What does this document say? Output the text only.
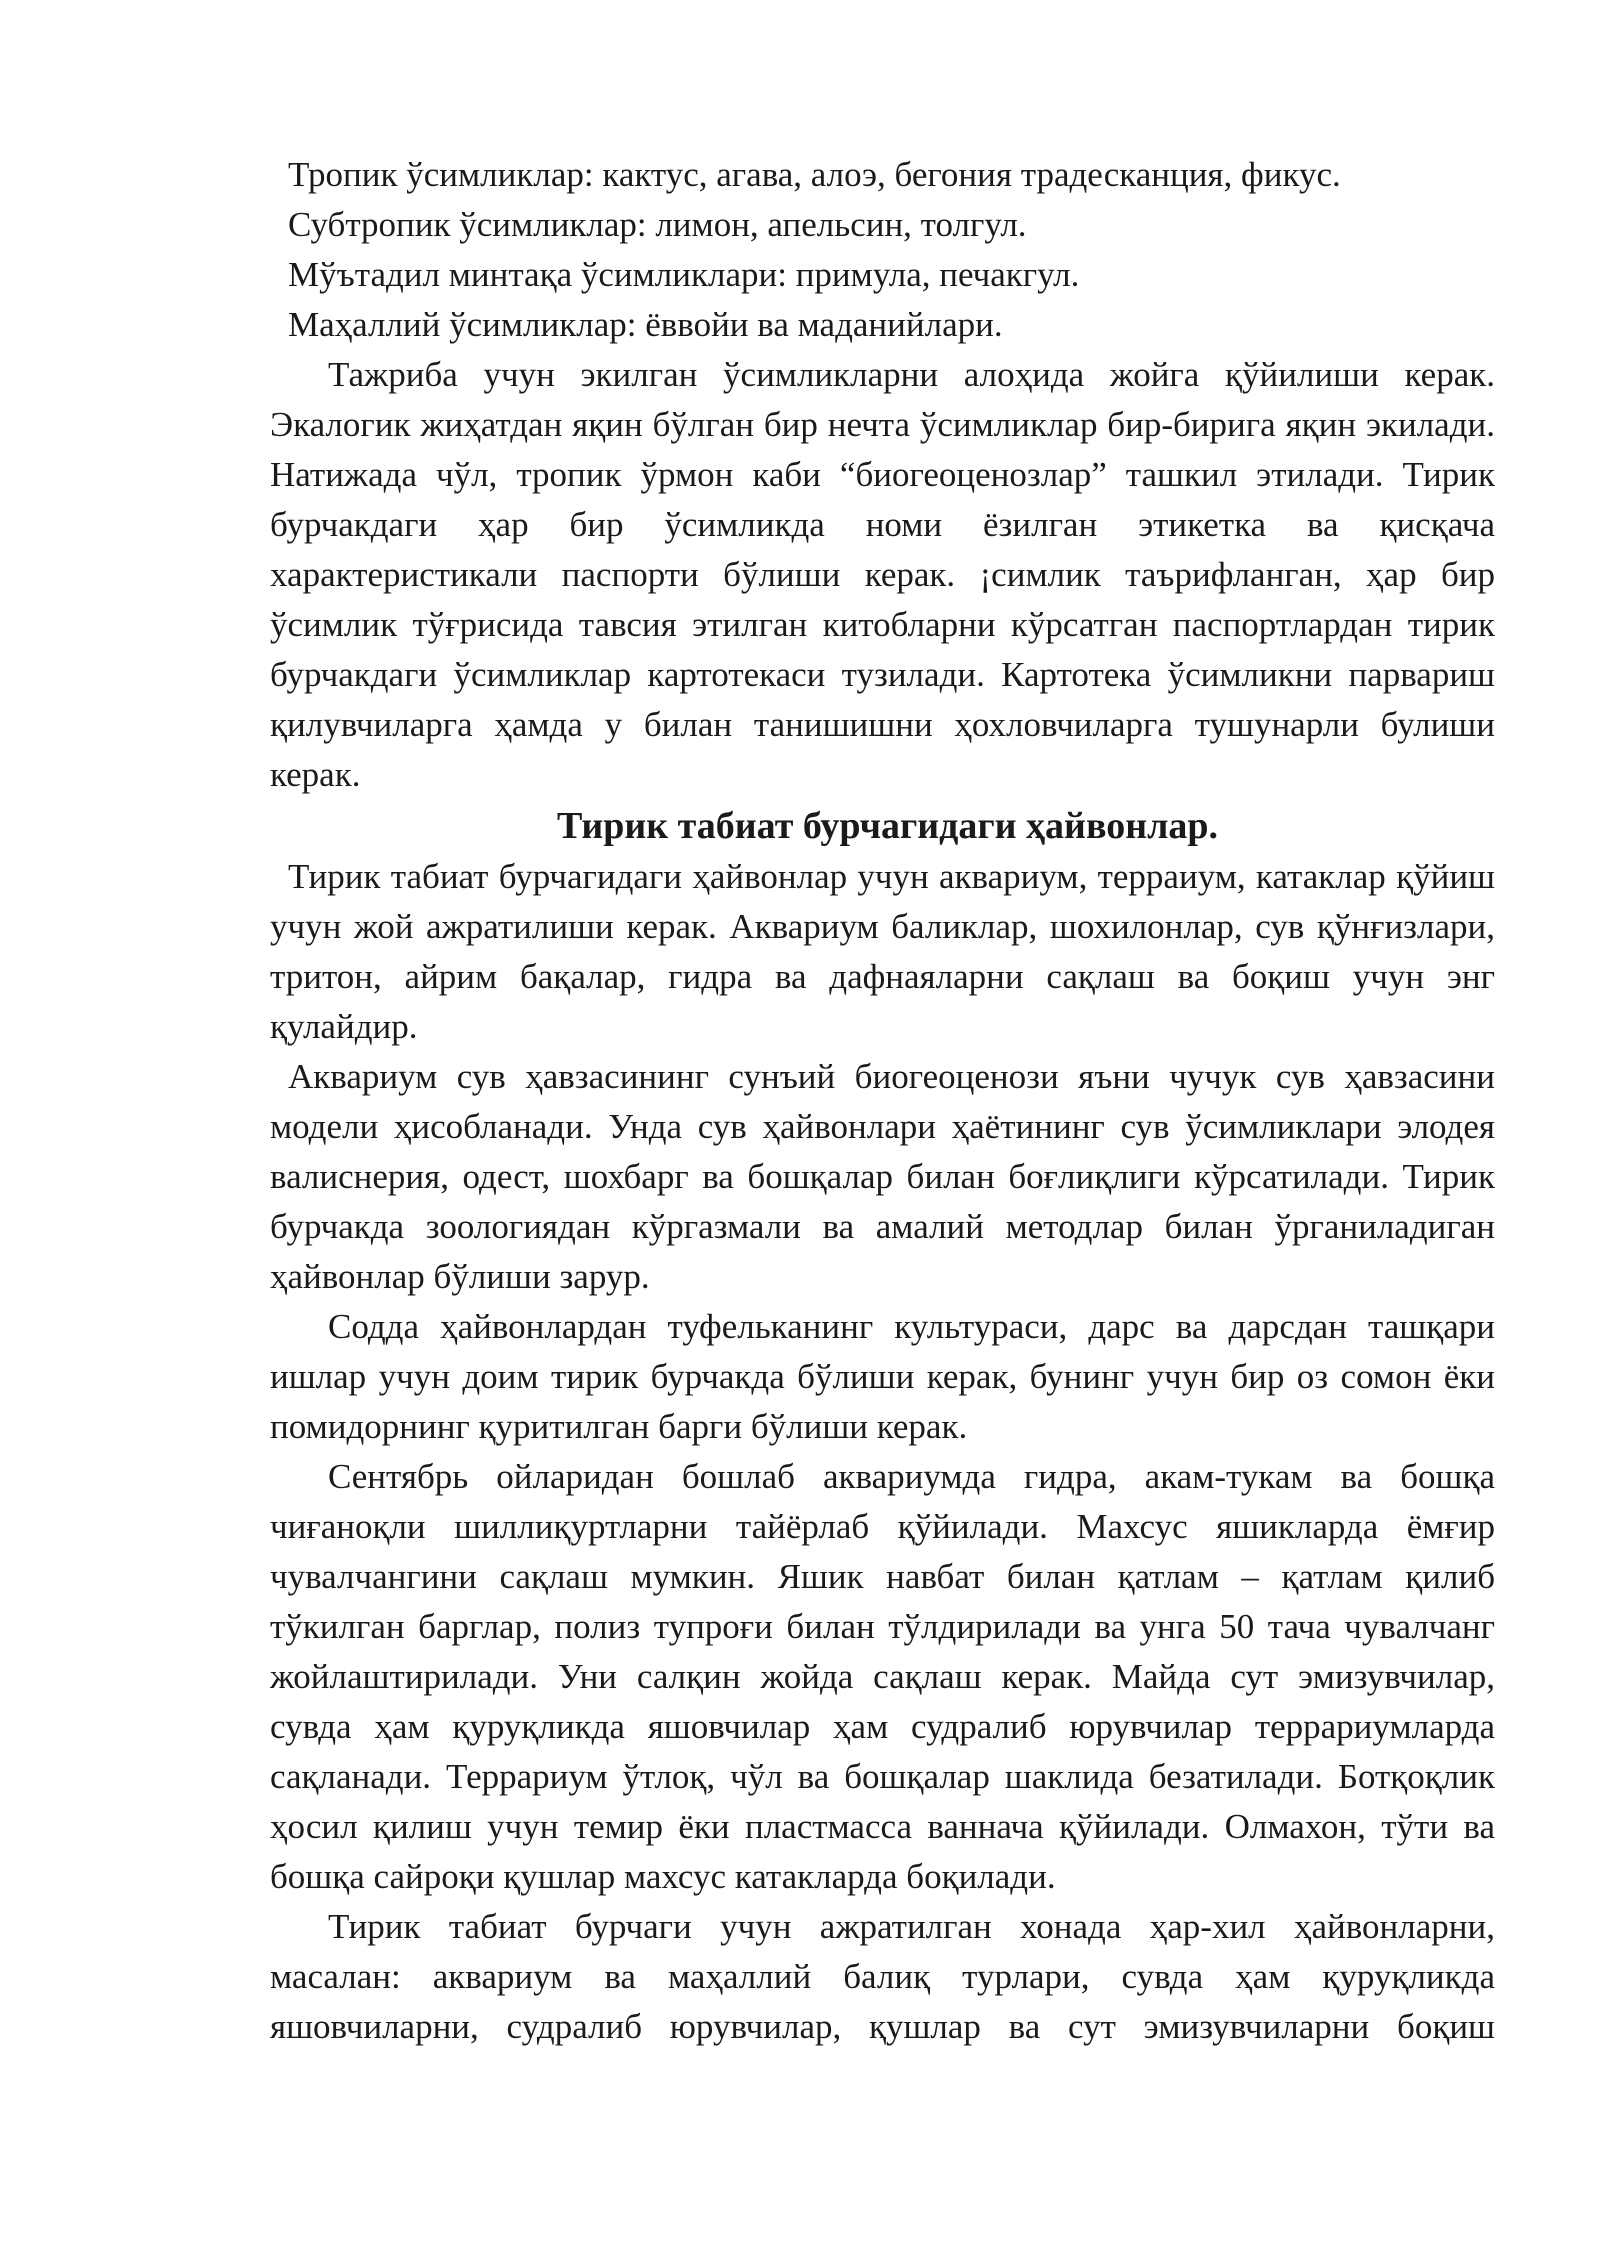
Тропик ўсимликлар: кактус, агава, алоэ, бегония традесканция, фикус.

Субтропик ўсимликлар: лимон, апельсин, толгул.

Мўътадил минтақа ўсимликлари: примула, печакгул.

Маҳаллий ўсимликлар: ёввойи ва маданийлари.

Тажриба учун экилган ўсимликларни алоҳида жойга қўйилиши керак. Экалогик жиҳатдан яқин бўлган бир нечта ўсимликлар бир-бирига яқин экилади. Натижада чўл, тропик ўрмон каби “биогеоценозлар” ташкил этилади. Тирик бурчакдаги ҳар бир ўсимликда номи ёзилган этикетка ва қисқача характеристикали паспорти бўлиши керак. ¡симлик таърифланган, ҳар бир ўсимлик тўғрисида тавсия этилган китобларни кўрсатган паспортлардан тирик бурчакдаги ўсимликлар картотекаси тузилади. Картотека ўсимликни парвариш қилувчиларга ҳамда у билан танишишни ҳохловчиларга тушунарли булиши керак.

Тирик табиат бурчагидаги ҳайвонлар.

Тирик табиат бурчагидаги ҳайвонлар учун аквариум, терраиум, катаклар қўйиш учун жой ажратилиши керак. Аквариум баликлар, шохилонлар, сув қўнғизлари, тритон, айрим бақалар, гидра ва дафнаяларни сақлаш ва боқиш учун энг қулайдир.

Аквариум сув ҳавзасининг сунъий биогеоценози яъни чучук сув ҳавзасини модели ҳисобланади. Унда сув ҳайвонлари ҳаётининг сув ўсимликлари элодея валиснерия, одест, шохбарг ва бошқалар билан боғлиқлиги кўрсатилади. Тирик бурчакда зоологиядан кўргазмали ва амалий методлар билан ўрганиладиган ҳайвонлар бўлиши зарур.

Содда ҳайвонлардан туфельканинг культураси, дарс ва дарсдан ташқари ишлар учун доим тирик бурчакда бўлиши керак, бунинг учун бир оз сомон ёки помидорнинг қуритилган барги бўлиши керак.

Сентябрь ойларидан бошлаб аквариумда гидра, акам-тукам ва бошқа чиғаноқли шиллиқуртларни тайёрлаб қўйилади. Махсус яшикларда ёмғир чувалчангини сақлаш мумкин. Яшик навбат билан қатлам – қатлам қилиб тўкилган барглар, полиз тупроғи билан тўлдирилади ва унга 50 тача чувалчанг жойлаштирилади. Уни салқин жойда сақлаш керак. Майда сут эмизувчилар, сувда ҳам қуруқликда яшовчилар ҳам судралиб юрувчилар террариумларда сақланади. Террариум ўтлоқ, чўл ва бошқалар шаклида безатилади. Ботқоқлик ҳосил қилиш учун темир ёки пластмасса ваннача қўйилади. Олмахон, тўти ва бошқа сайроқи қушлар махсус катакларда боқилади.

Тирик табиат бурчаги учун ажратилган хонада ҳар-хил ҳайвонларни, масалан: аквариум ва маҳаллий балиқ турлари, сувда ҳам қуруқликда яшовчиларни, судралиб юрувчилар, қушлар ва сут эмизувчиларни боқиш
